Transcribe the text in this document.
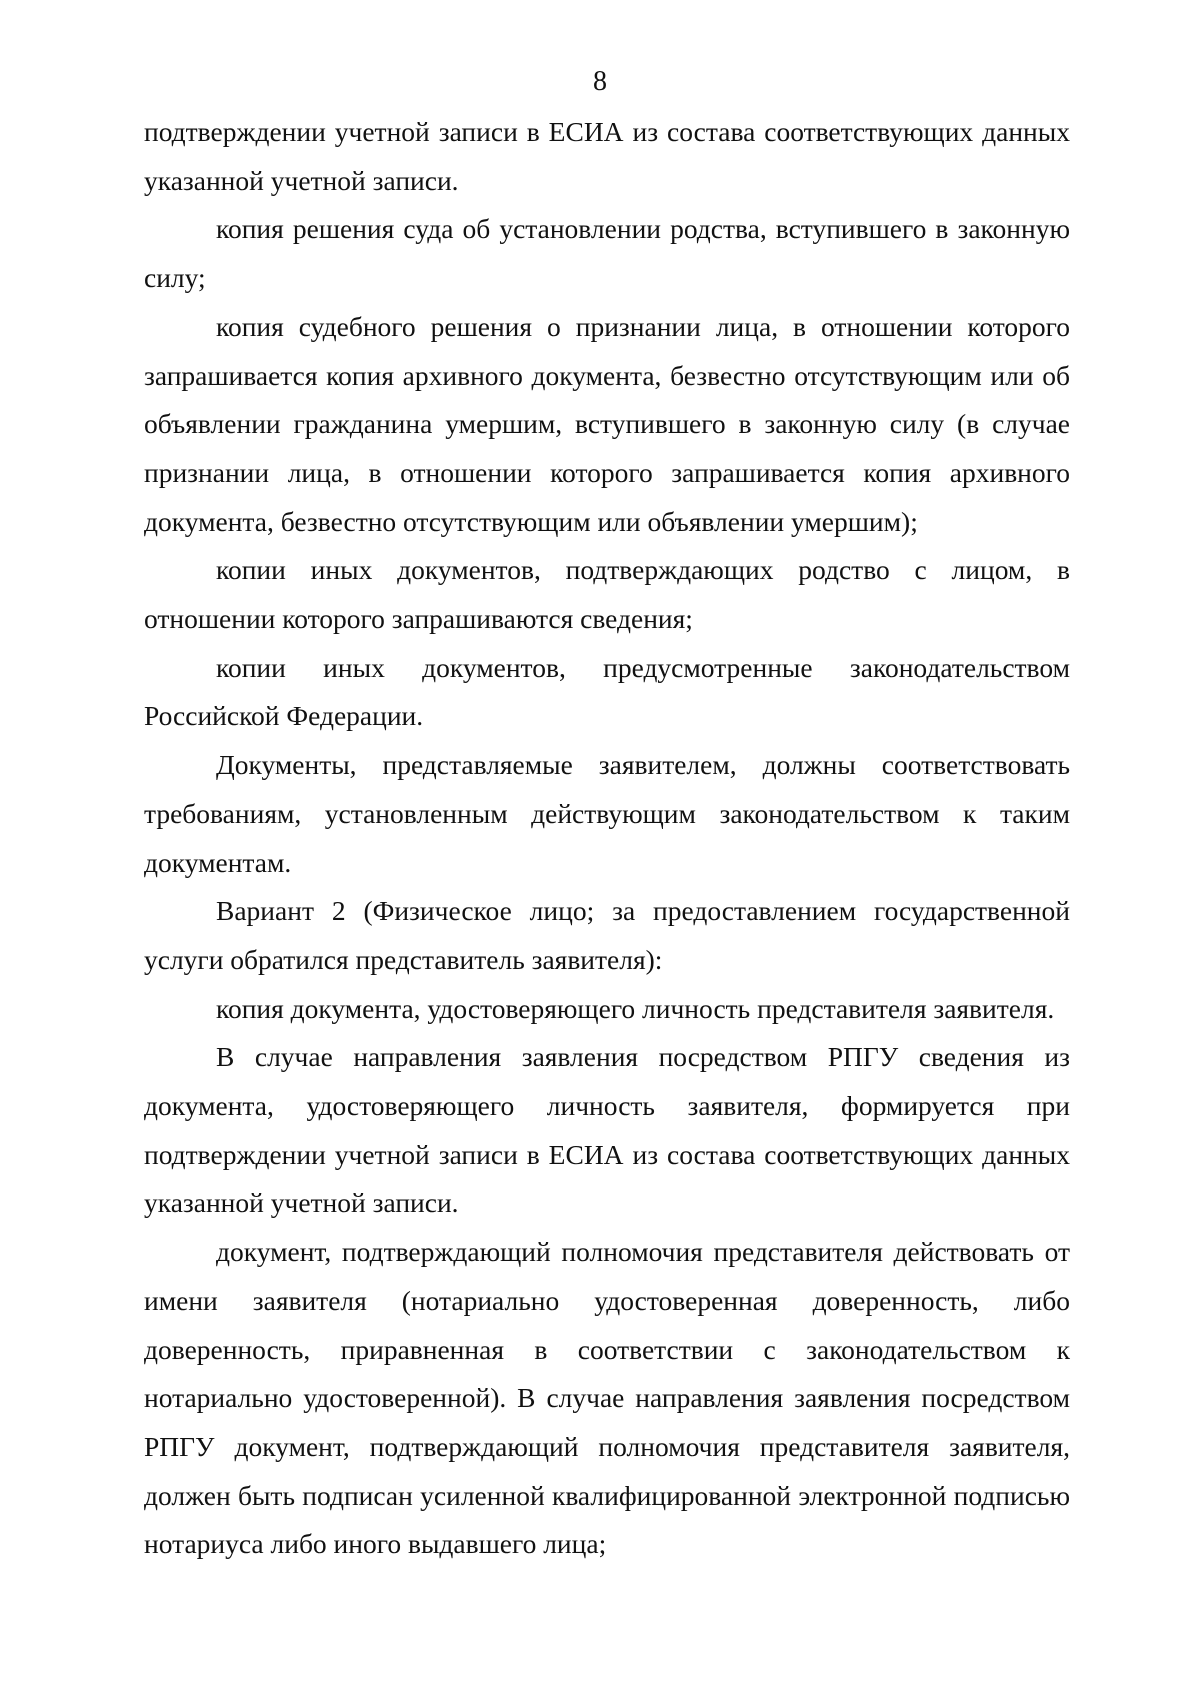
8

подтверждении учетной записи в ЕСИА из состава соответствующих данных указанной учетной записи.

копия решения суда об установлении родства, вступившего в законную силу;

копия судебного решения о признании лица, в отношении которого запрашивается копия архивного документа, безвестно отсутствующим или об объявлении гражданина умершим, вступившего в законную силу (в случае признании лица, в отношении которого запрашивается копия архивного документа, безвестно отсутствующим или объявлении умершим);

копии иных документов, подтверждающих родство с лицом, в отношении которого запрашиваются сведения;

копии иных документов, предусмотренные законодательством Российской Федерации.

Документы, представляемые заявителем, должны соответствовать требованиям, установленным действующим законодательством к таким документам.

Вариант 2 (Физическое лицо; за предоставлением государственной услуги обратился представитель заявителя):

копия документа, удостоверяющего личность представителя заявителя.

В случае направления заявления посредством РПГУ сведения из документа, удостоверяющего личность заявителя, формируется при подтверждении учетной записи в ЕСИА из состава соответствующих данных указанной учетной записи.

документ, подтверждающий полномочия представителя действовать от имени заявителя (нотариально удостоверенная доверенность, либо доверенность, приравненная в соответствии с законодательством к нотариально удостоверенной). В случае направления заявления посредством РПГУ документ, подтверждающий полномочия представителя заявителя, должен быть подписан усиленной квалифицированной электронной подписью нотариуса либо иного выдавшего лица;
